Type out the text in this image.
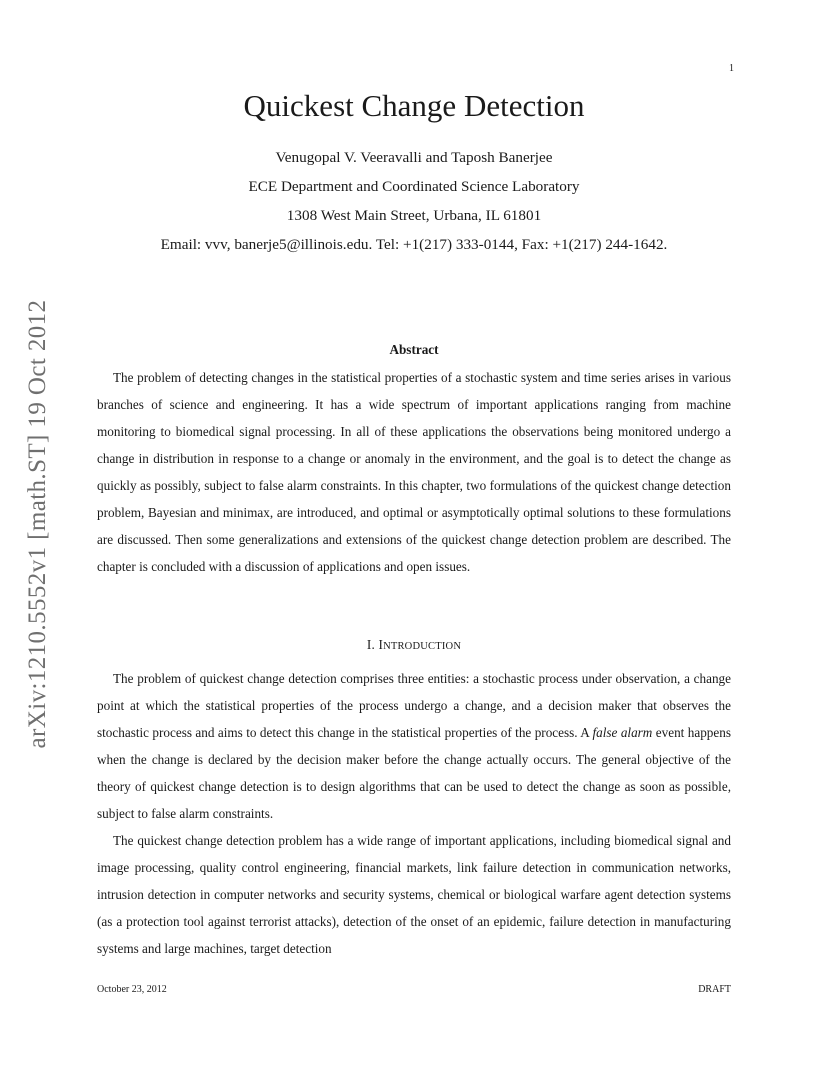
1
arXiv:1210.5552v1 [math.ST] 19 Oct 2012
Quickest Change Detection
Venugopal V. Veeravalli and Taposh Banerjee
ECE Department and Coordinated Science Laboratory
1308 West Main Street, Urbana, IL 61801
Email: vvv, banerje5@illinois.edu. Tel: +1(217) 333-0144, Fax: +1(217) 244-1642.
Abstract

The problem of detecting changes in the statistical properties of a stochastic system and time series arises in various branches of science and engineering. It has a wide spectrum of important applications ranging from machine monitoring to biomedical signal processing. In all of these applications the observations being monitored undergo a change in distribution in response to a change or anomaly in the environment, and the goal is to detect the change as quickly as possibly, subject to false alarm constraints. In this chapter, two formulations of the quickest change detection problem, Bayesian and minimax, are introduced, and optimal or asymptotically optimal solutions to these formulations are discussed. Then some generalizations and extensions of the quickest change detection problem are described. The chapter is concluded with a discussion of applications and open issues.

I. INTRODUCTION

The problem of quickest change detection comprises three entities: a stochastic process under observation, a change point at which the statistical properties of the process undergo a change, and a decision maker that observes the stochastic process and aims to detect this change in the statistical properties of the process. A false alarm event happens when the change is declared by the decision maker before the change actually occurs. The general objective of the theory of quickest change detection is to design algorithms that can be used to detect the change as soon as possible, subject to false alarm constraints.

The quickest change detection problem has a wide range of important applications, including biomedical signal and image processing, quality control engineering, financial markets, link failure detection in communication networks, intrusion detection in computer networks and security systems, chemical or biological warfare agent detection systems (as a protection tool against terrorist attacks), detection of the onset of an epidemic, failure detection in manufacturing systems and large machines, target detection

October 23, 2012	DRAFT
